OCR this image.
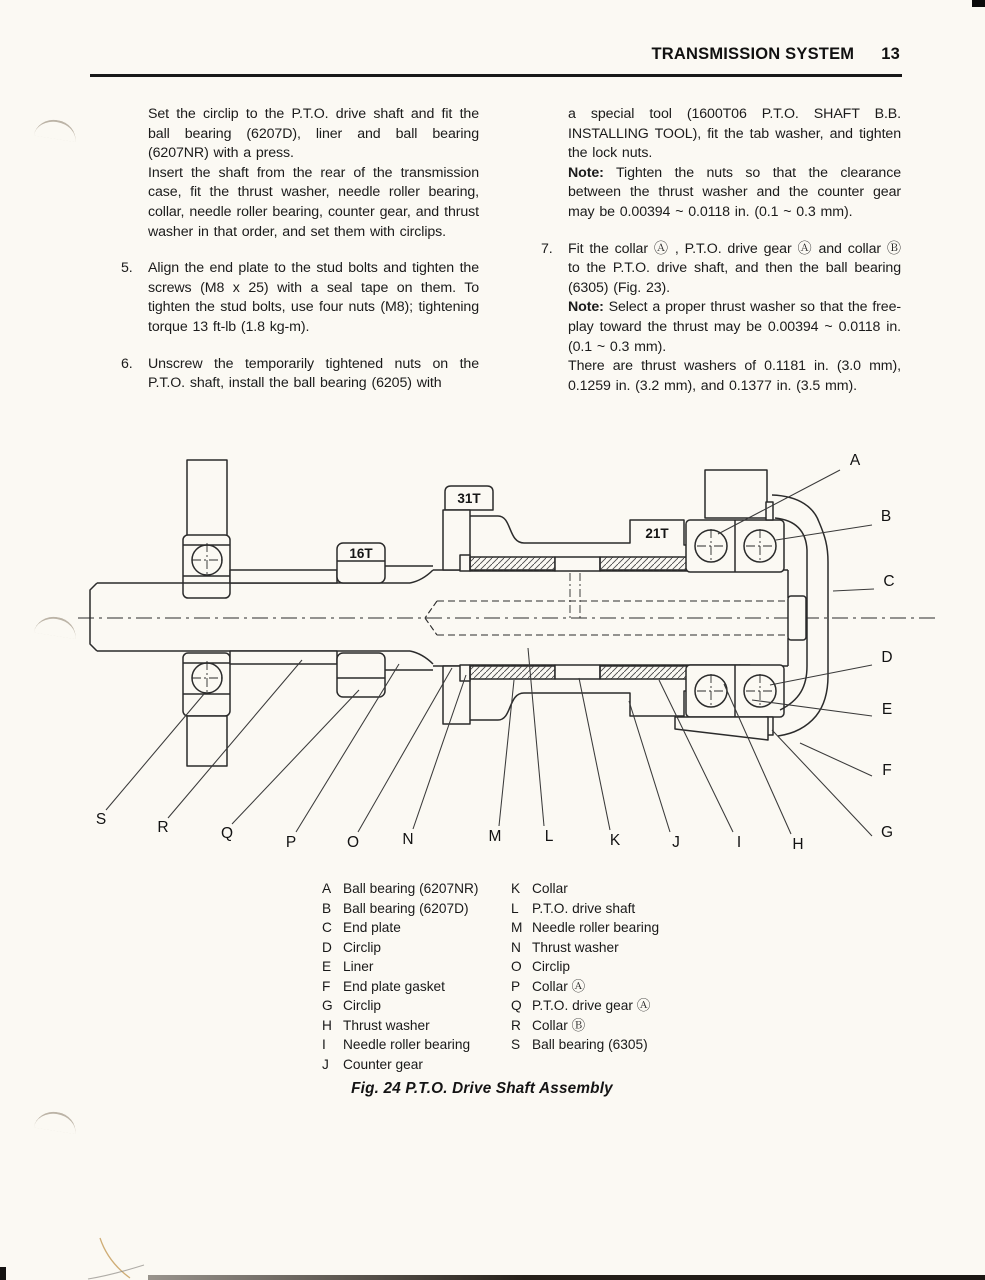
TRANSMISSION SYSTEM 13
Set the circlip to the P.T.O. drive shaft and fit the ball bearing (6207D), liner and ball bearing (6207NR) with a press.
Insert the shaft from the rear of the transmission case, fit the thrust washer, needle roller bearing, collar, needle roller bearing, counter gear, and thrust washer in that order, and set them with circlips.
5. Align the end plate to the stud bolts and tighten the screws (M8 x 25) with a seal tape on them. To tighten the stud bolts, use four nuts (M8); tightening torque 13 ft-lb (1.8 kg-m).
6. Unscrew the temporarily tightened nuts on the P.T.O. shaft, install the ball bearing (6205) with
a special tool (1600T06 P.T.O. SHAFT B.B. INSTALLING TOOL), fit the tab washer, and tighten the lock nuts.
Note: Tighten the nuts so that the clearance between the thrust washer and the counter gear may be 0.00394 ~ 0.0118 in. (0.1 ~ 0.3 mm).
7. Fit the collar Ⓐ , P.T.O. drive gear Ⓐ and collar Ⓑ to the P.T.O. drive shaft, and then the ball bearing (6305) (Fig. 23).
Note: Select a proper thrust washer so that the free-play toward the thrust may be 0.00394 ~ 0.0118 in. (0.1 ~ 0.3 mm).
There are thrust washers of 0.1181 in. (3.0 mm), 0.1259 in. (3.2 mm), and 0.1377 in. (3.5 mm).
A
B
C
D
E
F
G
H
I
J
K
L
M
N
O
P
Q
R
S
16T
31T
21T
A Ball bearing (6207NR)
B Ball bearing (6207D)
C End plate
D Circlip
E Liner
F End plate gasket
G Circlip
H Thrust washer
I Needle roller bearing
J Counter gear
K Collar
L P.T.O. drive shaft
M Needle roller bearing
N Thrust washer
O Circlip
P Collar Ⓐ
Q P.T.O. drive gear Ⓐ
R Collar Ⓑ
S Ball bearing (6305)
Fig. 24 P.T.O. Drive Shaft Assembly
